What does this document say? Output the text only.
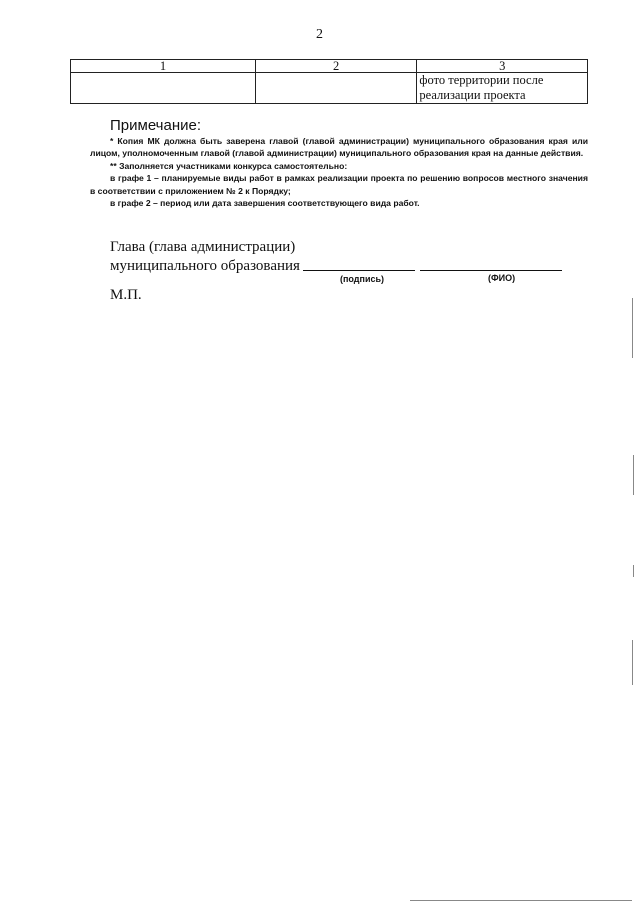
2
1	2	3

		фото территории после
реализации проекта
Примечание:

* Копия МК должна быть заверена главой (главой администрации) муниципального образования края или лицом, уполномоченным главой (главой администрации) муниципального образования края на данные действия.

** Заполняется участниками конкурса самостоятельно:

в графе 1 – планируемые виды работ в рамках реализации проекта по решению вопросов местного значения в соответствии с приложением № 2 к Порядку;

в графе 2 – период или дата завершения соответствующего вида работ.

Глава (глава администрации)
муниципального образования
(подпись)	(ФИО)
М.П.
